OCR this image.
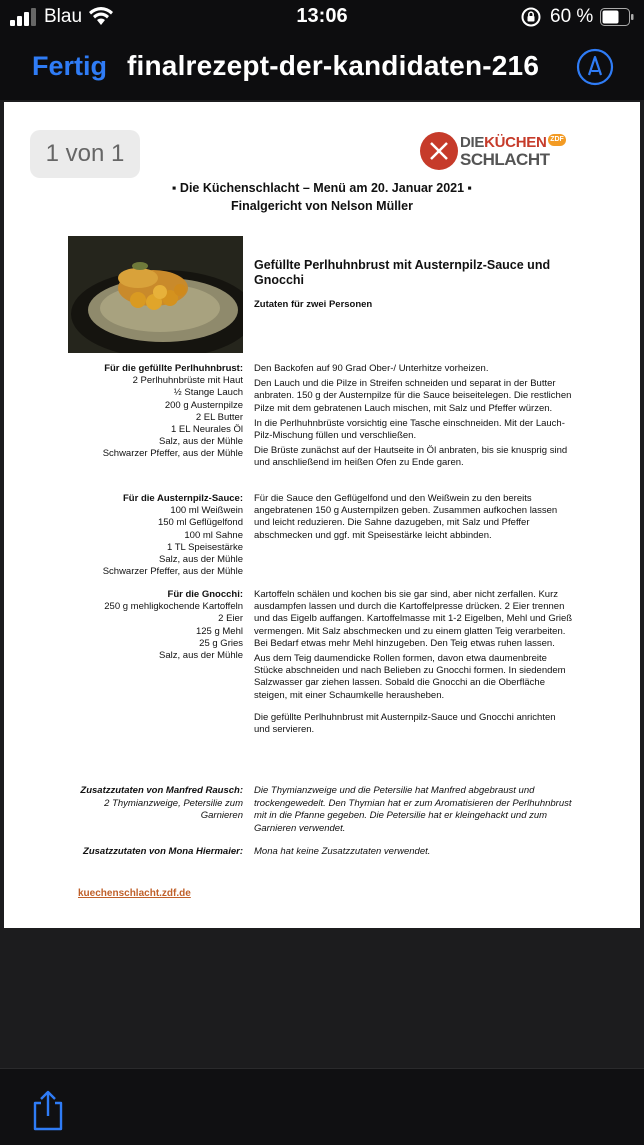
Blau	13:06	60 %
Fertig finalrezept-der-kandidaten-216
1 von 1	DIEKÜCHEN
SCHLACHT
ZDF
▪ Die Küchenschlacht – Menü am 20. Januar 2021 ▪
Finalgericht von Nelson Müller
Gefüllte Perlhuhnbrust mit Austernpilz-Sauce und Gnocchi
Zutaten für zwei Personen
Für die gefüllte Perlhuhnbrust:
2 Perlhuhnbrüste mit Haut
½ Stange Lauch
200 g Austernpilze
2 EL Butter
1 EL Neurales Öl
Salz, aus der Mühle
Schwarzer Pfeffer, aus der Mühle

Den Backofen auf 90 Grad Ober-/ Unterhitze vorheizen.

Den Lauch und die Pilze in Streifen schneiden und separat in der Butter anbraten. 150 g der Austernpilze für die Sauce beiseitelegen. Die restlichen Pilze mit dem gebratenen Lauch mischen, mit Salz und Pfeffer würzen.

In die Perlhuhnbrüste vorsichtig eine Tasche einschneiden. Mit der Lauch-Pilz-Mischung füllen und verschließen.

Die Brüste zunächst auf der Hautseite in Öl anbraten, bis sie knusprig sind und anschließend im heißen Ofen zu Ende garen.

Für die Austernpilz-Sauce:
100 ml Weißwein
150 ml Geflügelfond
100 ml Sahne
1 TL Speisestärke
Salz, aus der Mühle
Schwarzer Pfeffer, aus der Mühle

Für die Sauce den Geflügelfond und den Weißwein zu den bereits angebratenen 150 g Austernpilzen geben. Zusammen aufkochen lassen und leicht reduzieren. Die Sahne dazugeben, mit Salz und Pfeffer abschmecken und ggf. mit Speisestärke leicht abbinden.

Für die Gnocchi:
250 g mehligkochende Kartoffeln
2 Eier
125 g Mehl
25 g Gries
Salz, aus der Mühle

Kartoffeln schälen und kochen bis sie gar sind, aber nicht zerfallen. Kurz ausdampfen lassen und durch die Kartoffelpresse drücken. 2 Eier trennen und das Eigelb auffangen. Kartoffelmasse mit 1-2 Eigelben, Mehl und Grieß vermengen. Mit Salz abschmecken und zu einem glatten Teig verarbeiten. Bei Bedarf etwas mehr Mehl hinzugeben. Den Teig etwas ruhen lassen.

Aus dem Teig daumendicke Rollen formen, davon etwa daumenbreite Stücke abschneiden und nach Belieben zu Gnocchi formen. In siedendem Salzwasser gar ziehen lassen. Sobald die Gnocchi an die Oberfläche steigen, mit einer Schaumkelle herausheben.

Die gefüllte Perlhuhnbrust mit Austernpilz-Sauce und Gnocchi anrichten und servieren.

Zusatzzutaten von Manfred Rausch:
2 Thymianzweige, Petersilie zum Garnieren
Die Thymianzweige und die Petersilie hat Manfred abgebraust und trockengewedelt. Den Thymian hat er zum Aromatisieren der Perlhuhnbrust mit in die Pfanne gegeben. Die Petersilie hat er kleingehackt und zum Garnieren verwendet.
Zusatzzutaten von Mona Hiermaier: Mona hat keine Zusatzzutaten verwendet.
kuechenschlacht.zdf.de
